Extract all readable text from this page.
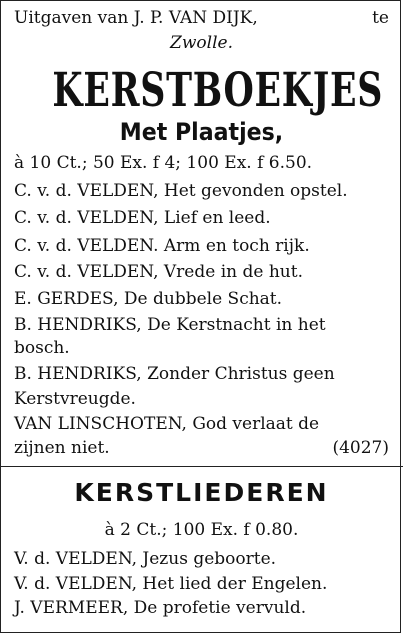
Uitgaven van J. P. VAN DIJK,	te
Zwolle.
KERSTBOEKJES
Met Plaatjes,
à 10 Ct.; 50 Ex. f 4; 100 Ex. f 6.50.
C. v. d. VELDEN, Het gevonden opstel.
C. v. d. VELDEN, Lief en leed.
C. v. d. VELDEN. Arm en toch rijk.
C. v. d. VELDEN, Vrede in de hut.
E. GERDES, De dubbele Schat.
B. HENDRIKS, De Kerstnacht in het
bosch.
B. HENDRIKS, Zonder Christus geen
Kerstvreugde.
VAN LINSCHOTEN, God verlaat de
zijnen niet.	(4027)
KERSTLIEDEREN
à 2 Ct.; 100 Ex. f 0.80.
V. d. VELDEN, Jezus geboorte.
V. d. VELDEN, Het lied der Engelen.
J. VERMEER, De profetie vervuld.
